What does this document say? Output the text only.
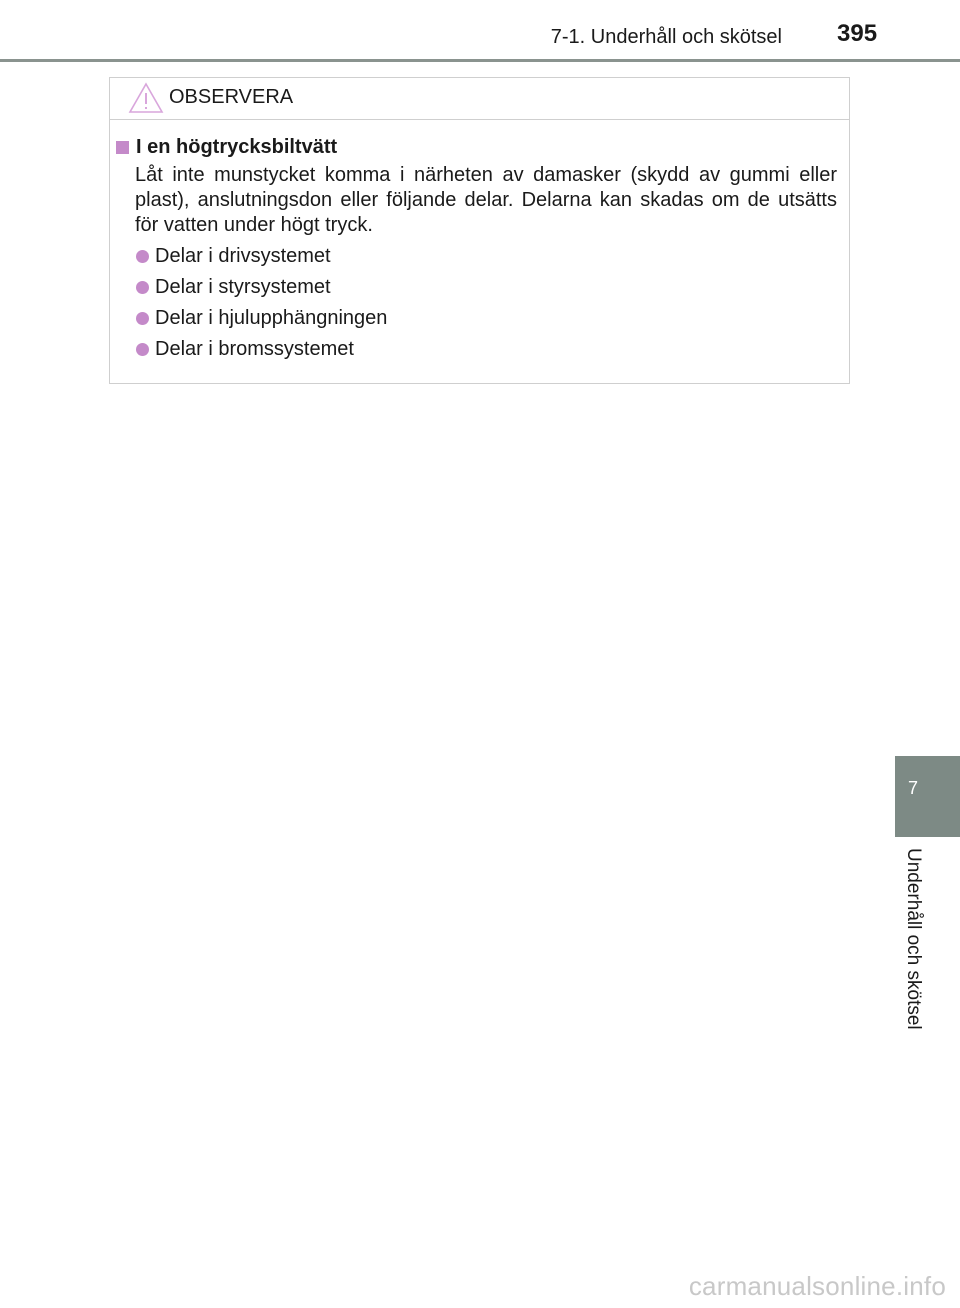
7-1. Underhåll och skötsel 395
OBSERVERA
I en högtrycksbiltvätt

Låt inte munstycket komma i närheten av damasker (skydd av gummi eller plast), anslutningsdon eller följande delar. Delarna kan skadas om de utsätts för vatten under högt tryck.

Delar i drivsystemet
Delar i styrsystemet
Delar i hjulupphängningen
Delar i bromssystemet
7
Underhåll och skötsel
carmanualsonline.info
